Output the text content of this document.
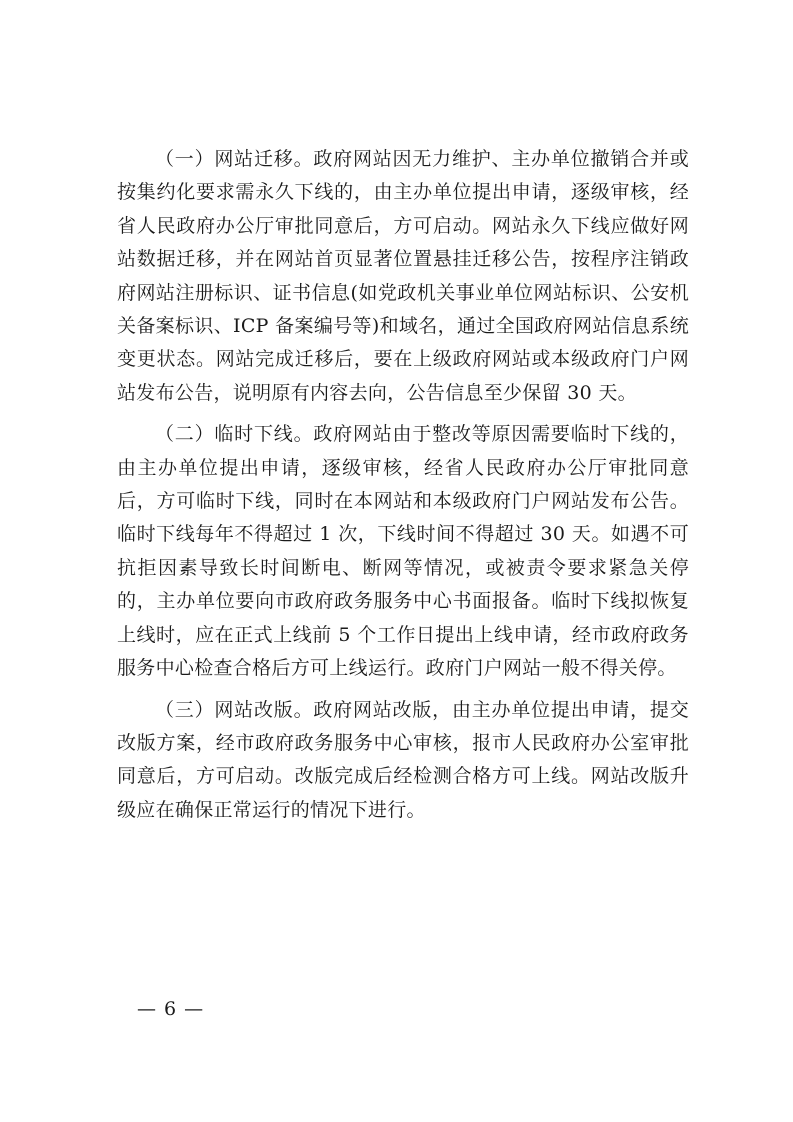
（一）网站迁移。政府网站因无力维护、主办单位撤销合并或按集约化要求需永久下线的，由主办单位提出申请，逐级审核，经省人民政府办公厅审批同意后，方可启动。网站永久下线应做好网站数据迁移，并在网站首页显著位置悬挂迁移公告，按程序注销政府网站注册标识、证书信息(如党政机关事业单位网站标识、公安机关备案标识、ICP 备案编号等)和域名，通过全国政府网站信息系统变更状态。网站完成迁移后，要在上级政府网站或本级政府门户网站发布公告，说明原有内容去向，公告信息至少保留 30 天。

（二）临时下线。政府网站由于整改等原因需要临时下线的，由主办单位提出申请，逐级审核，经省人民政府办公厅审批同意后，方可临时下线，同时在本网站和本级政府门户网站发布公告。临时下线每年不得超过 1 次，下线时间不得超过 30 天。如遇不可抗拒因素导致长时间断电、断网等情况，或被责令要求紧急关停的，主办单位要向市政府政务服务中心书面报备。临时下线拟恢复上线时，应在正式上线前 5 个工作日提出上线申请，经市政府政务服务中心检查合格后方可上线运行。政府门户网站一般不得关停。

（三）网站改版。政府网站改版，由主办单位提出申请，提交改版方案，经市政府政务服务中心审核，报市人民政府办公室审批同意后，方可启动。改版完成后经检测合格方可上线。网站改版升级应在确保正常运行的情况下进行。

— 6 —
